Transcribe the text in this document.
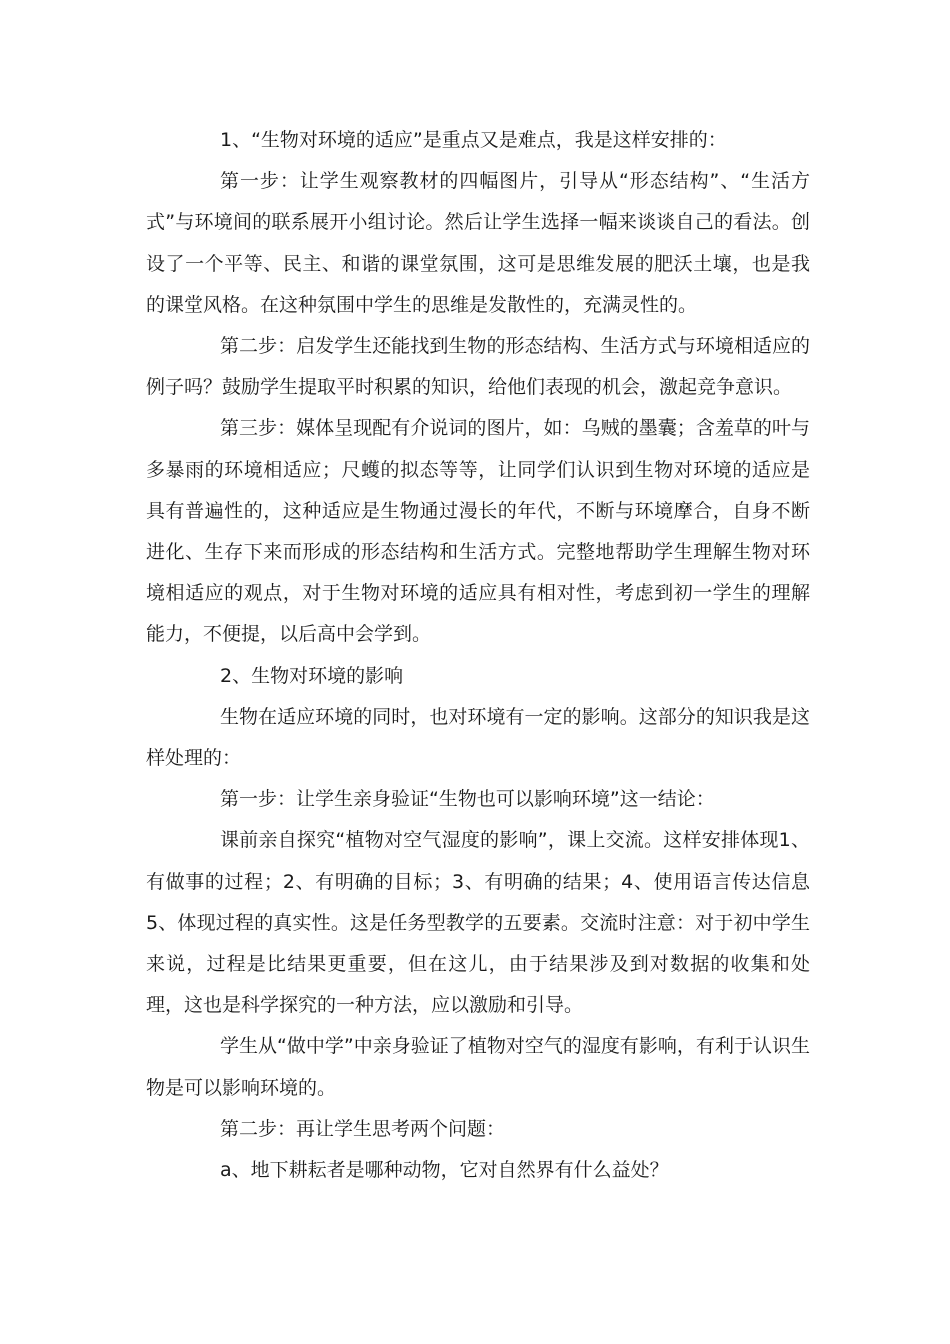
1、“生物对环境的适应”是重点又是难点，我是这样安排的：

第一步：让学生观察教材的四幅图片，引导从“形态结构”、“生活方式”与环境间的联系展开小组讨论。然后让学生选择一幅来谈谈自己的看法。创设了一个平等、民主、和谐的课堂氛围，这可是思维发展的肥沃土壤，也是我的课堂风格。在这种氛围中学生的思维是发散性的，充满灵性的。

第二步：启发学生还能找到生物的形态结构、生活方式与环境相适应的例子吗？鼓励学生提取平时积累的知识，给他们表现的机会，激起竞争意识。

第三步：媒体呈现配有介说词的图片，如：乌贼的墨囊；含羞草的叶与多暴雨的环境相适应；尺蠖的拟态等等，让同学们认识到生物对环境的适应是具有普遍性的，这种适应是生物通过漫长的年代，不断与环境摩合，自身不断进化、生存下来而形成的形态结构和生活方式。完整地帮助学生理解生物对环境相适应的观点，对于生物对环境的适应具有相对性，考虑到初一学生的理解能力，不便提，以后高中会学到。

2、生物对环境的影响

生物在适应环境的同时，也对环境有一定的影响。这部分的知识我是这样处理的：

第一步：让学生亲身验证“生物也可以影响环境”这一结论：

课前亲自探究“植物对空气湿度的影响”，课上交流。这样安排体现1、有做事的过程；2、有明确的目标；3、有明确的结果；4、使用语言传达信息 5、体现过程的真实性。这是任务型教学的五要素。交流时注意：对于初中学生来说，过程是比结果更重要，但在这儿，由于结果涉及到对数据的收集和处理，这也是科学探究的一种方法，应以激励和引导。

学生从“做中学”中亲身验证了植物对空气的湿度有影响，有利于认识生物是可以影响环境的。

第二步：再让学生思考两个问题：

a、地下耕耘者是哪种动物，它对自然界有什么益处？
